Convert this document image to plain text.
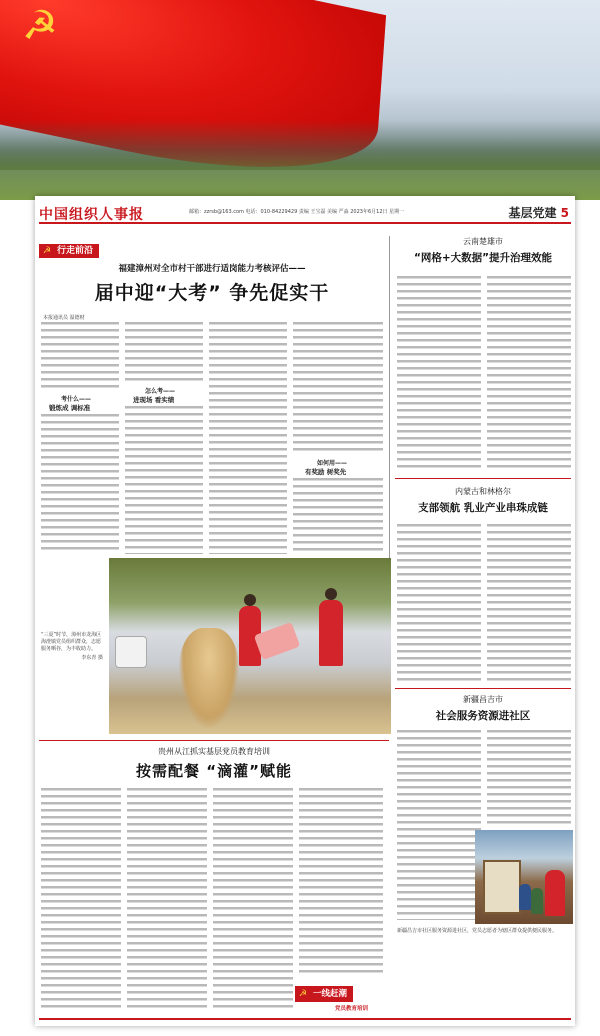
☭
中国组织人事报	邮箱：zzrsb@163.com 电话：010-84229429 责编 王宝磊 美编 严淼 2023年6月12日 星期一	基层党建 5
☭ 行走前沿
福建漳州对全市村干部进行适岗能力考核评估——
届中迎“大考” 争先促实干
本报通讯员 温德财

考什么——
锻炼成 调标准

怎么考——
进现场 看实绩

如何用——
有奖励 树奖先

云南楚雄市
“网格+大数据”提升治理效能

内蒙古和林格尔
支部领航 乳业产业串珠成链

新疆昌吉市
社会服务资源进社区

“三夏”时节，漳州市龙海区海澄镇党员组织群众，志愿服务晒谷，为丰收助力。
李东青 摄
贵州从江抓实基层党员教育培训
按需配餐 “滴灌”赋能

☭ 一线赶潮
党员教育培训
新疆昌吉市社区服务资源进社区，党员志愿者为辖区群众提供便民服务。
